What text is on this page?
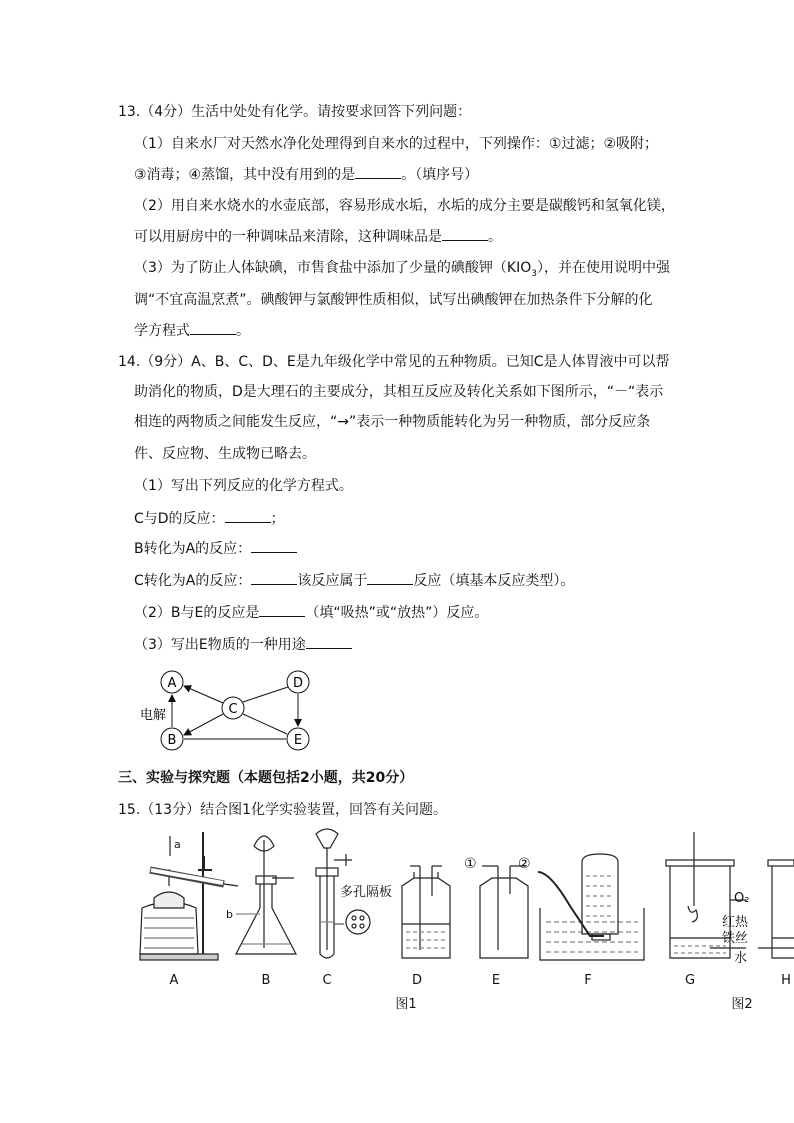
13.（4分）生活中处处有化学。请按要求回答下列问题：
（1）自来水厂对天然水净化处理得到自来水的过程中，下列操作：①过滤；②吸附；
③消毒；④蒸馏，其中没有用到的是	。（填序号）
（2）用自来水烧水的水壶底部，容易形成水垢，水垢的成分主要是碳酸钙和氢氧化镁，
可以用厨房中的一种调味品来清除，这种调味品是	。
（3）为了防止人体缺碘，市售食盐中添加了少量的碘酸钾$(KIO_3)$，并在使用说明中强
调“不宜高温烹煮”。碘酸钾与氯酸钾性质相似，试写出碘酸钾在加热条件下分解的化
学方程式	。
14.（9分）A、B、C、D、E是九年级化学中常见的五种物质。已知C是人体胃液中可以帮
助消化的物质，D是大理石的主要成分，其相互反应及转化关系如下图所示，“－“表示
相连的两物质之间能发生反应，“→”表示一种物质能转化为另一种物质，部分反应条
件、反应物、生成物已略去。
（1）写出下列反应的化学方程式。
C与D的反应：	；
B转化为A的反应：
C转化为A的反应：	该反应属于	反应（填基本反应类型）。
（2）B与E的反应是	（填“吸热”或“放热”）反应。
（3）写出E物质的一种用途
A	D
C
B	E
电解
三、实验与探究题（本题包括2小题，共20分）
15.（13分）结合图1化学实验装置，回答有关问题。
a
b
多孔隔板
①	②
O₂
红热
铁丝
水
A	B	C	D	E	F	G	H
图1	图2
